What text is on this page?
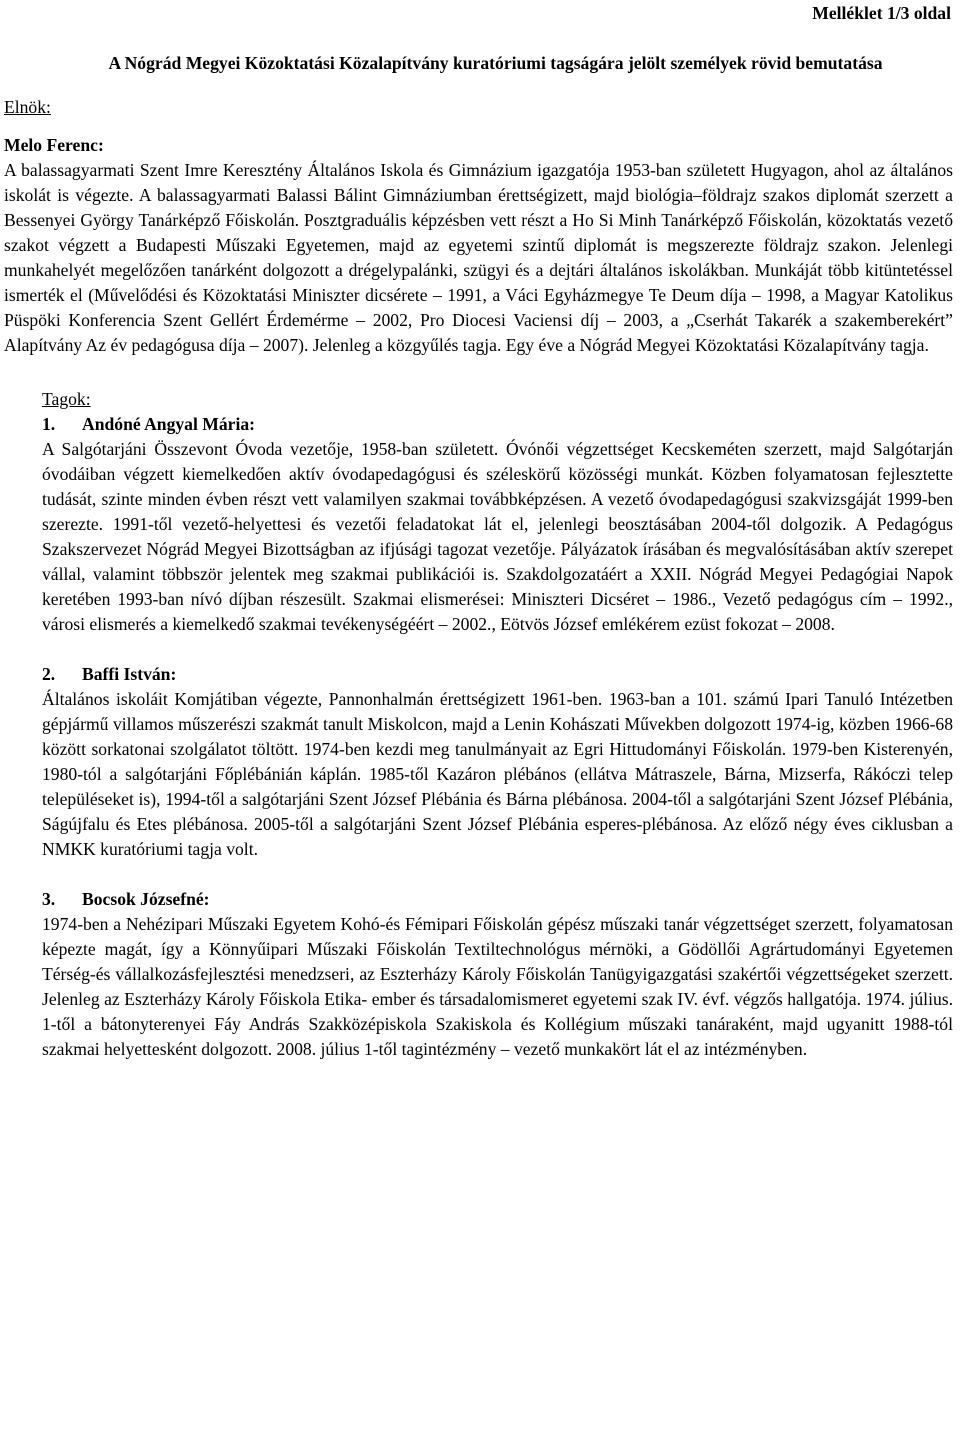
Melléklet 1/3 oldal
A Nógrád Megyei Közoktatási Közalapítvány kuratóriumi tagságára jelölt személyek rövid bemutatása
Elnök:
Melo Ferenc:
A balassagyarmati Szent Imre Keresztény Általános Iskola és Gimnázium igazgatója 1953-ban született Hugyagon, ahol az általános iskolát is végezte. A balassagyarmati Balassi Bálint Gimnáziumban érettségizett, majd biológia–földrajz szakos diplomát szerzett a Bessenyei György Tanárképző Főiskolán. Posztgraduális képzésben vett részt a Ho Si Minh Tanárképző Főiskolán, közoktatás vezető szakot végzett a Budapesti Műszaki Egyetemen, majd az egyetemi szintű diplomát is megszerezte földrajz szakon. Jelenlegi munkahelyét megelőzően tanárként dolgozott a drégelypalánki, szügyi és a dejtári általános iskolákban. Munkáját több kitüntetéssel ismerték el (Művelődési és Közoktatási Miniszter dicsérete – 1991, a Váci Egyházmegye Te Deum díja – 1998, a Magyar Katolikus Püspöki Konferencia Szent Gellért Érdemérme – 2002, Pro Diocesi Vaciensi díj – 2003, a „Cserhát Takarék a szakemberekért” Alapítvány Az év pedagógusa díja – 2007). Jelenleg a közgyűlés tagja. Egy éve a Nógrád Megyei Közoktatási Közalapítvány tagja.
Tagok:
1. Andóné Angyal Mária:
A Salgótarjáni Összevont Óvoda vezetője, 1958-ban született. Óvónői végzettséget Kecskeméten szerzett, majd Salgótarján óvodáiban végzett kiemelkedően aktív óvodapedagógusi és széleskörű közösségi munkát. Közben folyamatosan fejlesztette tudását, szinte minden évben részt vett valamilyen szakmai továbbképzésen. A vezető óvodapedagógusi szakvizsgáját 1999-ben szerezte. 1991-től vezető-helyettesi és vezetői feladatokat lát el, jelenlegi beosztásában 2004-től dolgozik. A Pedagógus Szakszervezet Nógrád Megyei Bizottságban az ifjúsági tagozat vezetője. Pályázatok írásában és megvalósításában aktív szerepet vállal, valamint többször jelentek meg szakmai publikációi is. Szakdolgozatáért a XXII. Nógrád Megyei Pedagógiai Napok keretében 1993-ban nívó díjban részesült. Szakmai elismerései: Miniszteri Dicséret – 1986., Vezető pedagógus cím – 1992., városi elismerés a kiemelkedő szakmai tevékenységéért – 2002., Eötvös József emlékérem ezüst fokozat – 2008.
2. Baffi István:
Általános iskoláit Komjátiban végezte, Pannonhalmán érettségizett 1961-ben. 1963-ban a 101. számú Ipari Tanuló Intézetben gépjármű villamos műszerészi szakmát tanult Miskolcon, majd a Lenin Kohászati Művekben dolgozott 1974-ig, közben 1966-68 között sorkatonai szolgálatot töltött. 1974-ben kezdi meg tanulmányait az Egri Hittudományi Főiskolán. 1979-ben Kisterenyén, 1980-tól a salgótarjáni Főplébánián káplán. 1985-től Kazáron plébános (ellátva Mátraszele, Bárna, Mizserfa, Rákóczi telep településeket is), 1994-től a salgótarjáni Szent József Plébánia és Bárna plébánosa. 2004-től a salgótarjáni Szent József Plébánia, Ságújfalu és Etes plébánosa. 2005-től a salgótarjáni Szent József Plébánia esperes-plébánosa. Az előző négy éves ciklusban a NMKK kuratóriumi tagja volt.
3. Bocsok Józsefné:
1974-ben a Nehézipari Műszaki Egyetem Kohó-és Fémipari Főiskolán gépész műszaki tanár végzettséget szerzett, folyamatosan képezte magát, így a Könnyűipari Műszaki Főiskolán Textiltechnológus mérnöki, a Gödöllői Agrártudományi Egyetemen Térség-és vállalkozásfejlesztési menedzseri, az Eszterházy Károly Főiskolán Tanügyigazgatási szakértői végzettségeket szerzett. Jelenleg az Eszterházy Károly Főiskola Etika- ember és társadalomismeret egyetemi szak IV. évf. végzős hallgatója. 1974. július. 1-től a bátonyterenyei Fáy András Szakközépiskola Szakiskola és Kollégium műszaki tanáraként, majd ugyanitt 1988-tól szakmai helyettesként dolgozott. 2008. július 1-től tagintézmény – vezető munkakört lát el az intézményben.
